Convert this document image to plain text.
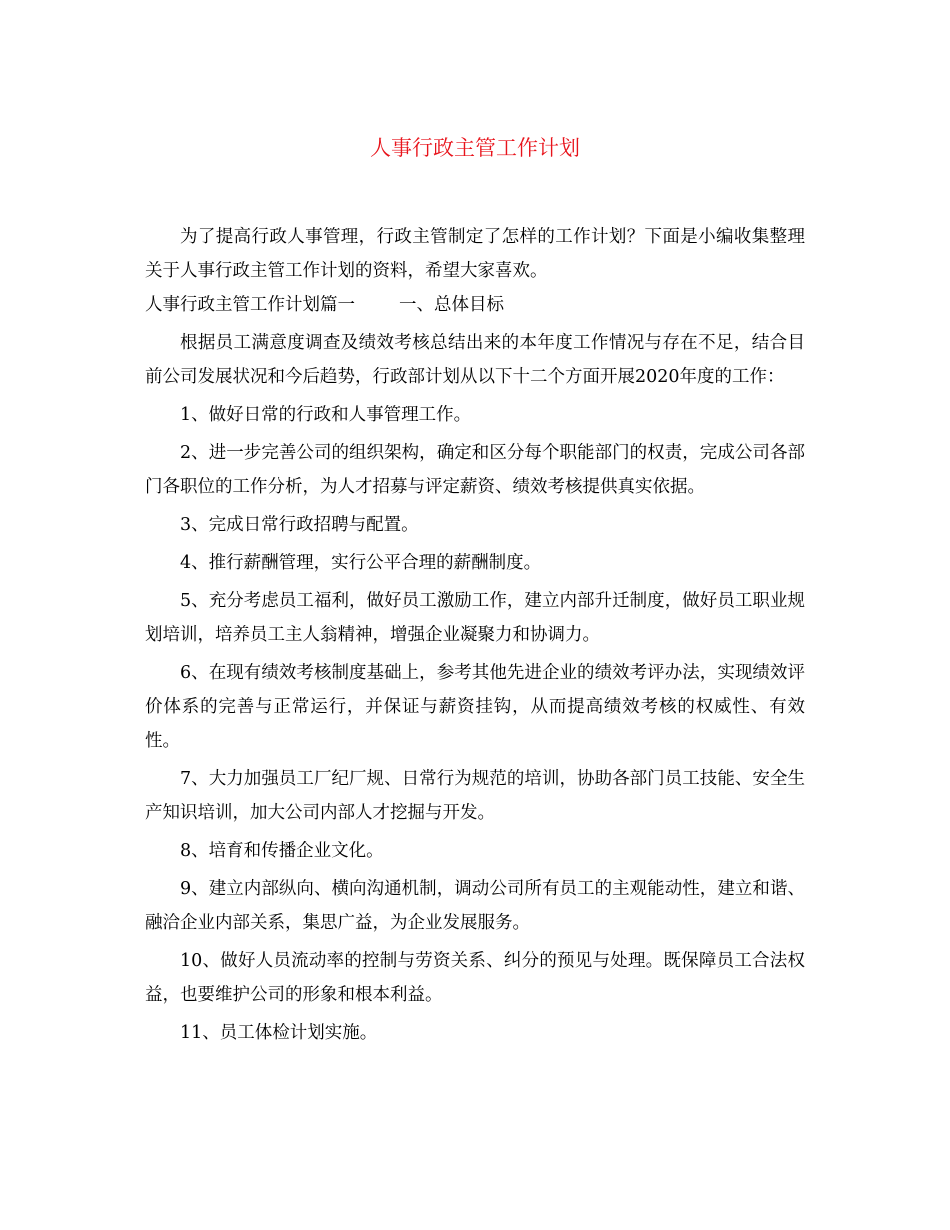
人事行政主管工作计划

为了提高行政人事管理，行政主管制定了怎样的工作计划？下面是小编收集整理关于人事行政主管工作计划的资料，希望大家喜欢。

人事行政主管工作计划篇一	一、总体目标

根据员工满意度调查及绩效考核总结出来的本年度工作情况与存在不足，结合目前公司发展状况和今后趋势，行政部计划从以下十二个方面开展2020年度的工作：

1、做好日常的行政和人事管理工作。

2、进一步完善公司的组织架构，确定和区分每个职能部门的权责，完成公司各部门各职位的工作分析，为人才招募与评定薪资、绩效考核提供真实依据。

3、完成日常行政招聘与配置。

4、推行薪酬管理，实行公平合理的薪酬制度。

5、充分考虑员工福利，做好员工激励工作，建立内部升迁制度，做好员工职业规划培训，培养员工主人翁精神，增强企业凝聚力和协调力。

6、在现有绩效考核制度基础上，参考其他先进企业的绩效考评办法，实现绩效评价体系的完善与正常运行，并保证与薪资挂钩，从而提高绩效考核的权威性、有效性。

7、大力加强员工厂纪厂规、日常行为规范的培训，协助各部门员工技能、安全生产知识培训，加大公司内部人才挖掘与开发。

8、培育和传播企业文化。

9、建立内部纵向、横向沟通机制，调动公司所有员工的主观能动性，建立和谐、融洽企业内部关系，集思广益，为企业发展服务。

10、做好人员流动率的控制与劳资关系、纠分的预见与处理。既保障员工合法权益，也要维护公司的形象和根本利益。

11、员工体检计划实施。
